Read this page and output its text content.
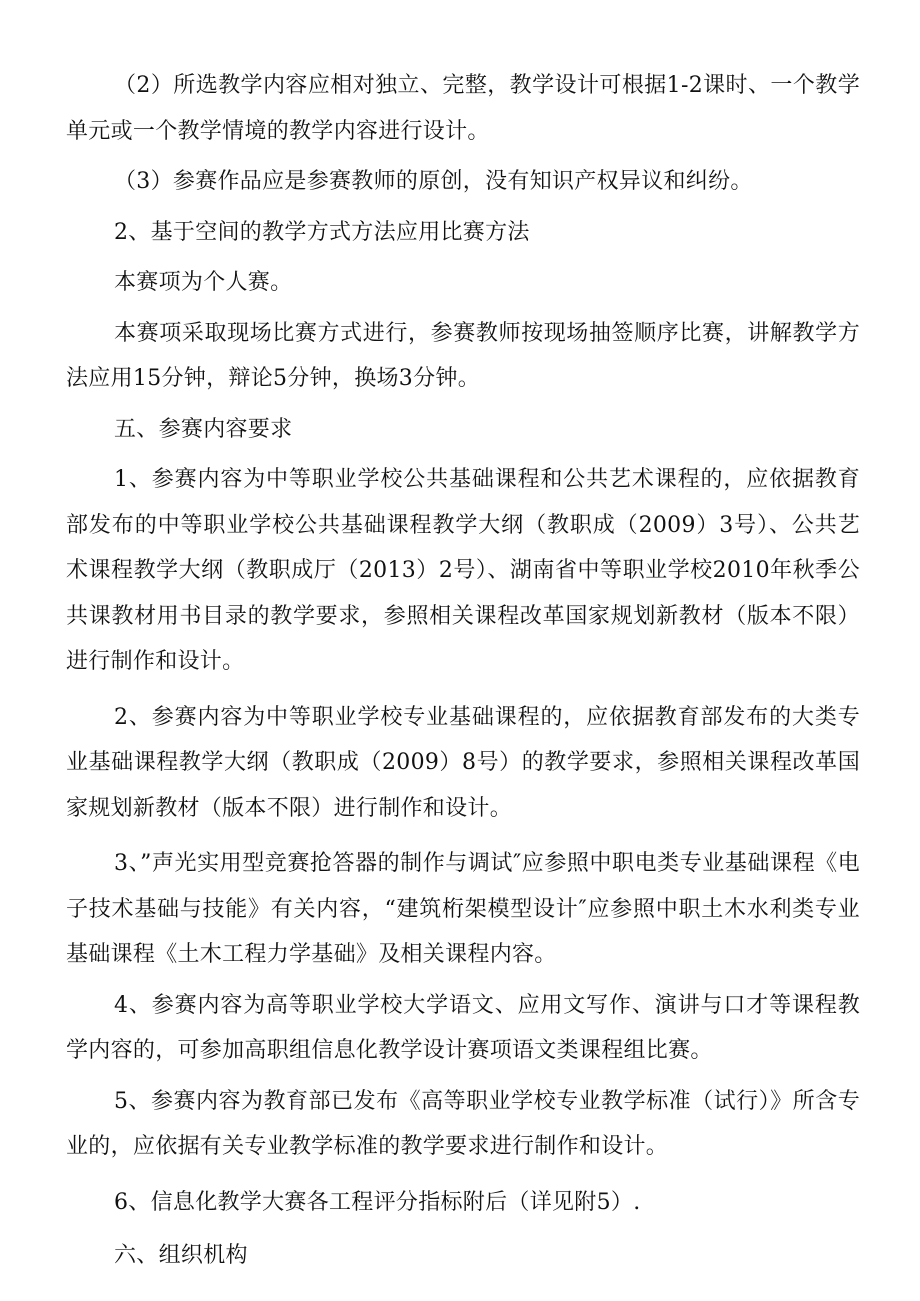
（2）所选教学内容应相对独立、完整，教学设计可根据1-2课时、一个教学单元或一个教学情境的教学内容进行设计。

（3）参赛作品应是参赛教师的原创，没有知识产权异议和纠纷。

2、基于空间的教学方式方法应用比赛方法

本赛项为个人赛。

本赛项采取现场比赛方式进行，参赛教师按现场抽签顺序比赛，讲解教学方法应用15分钟，辩论5分钟，换场3分钟。

五、参赛内容要求

1、参赛内容为中等职业学校公共基础课程和公共艺术课程的，应依据教育部发布的中等职业学校公共基础课程教学大纲（教职成（2009）3号）、公共艺术课程教学大纲（教职成厅（2013）2号）、湖南省中等职业学校2010年秋季公共课教材用书目录的教学要求，参照相关课程改革国家规划新教材（版本不限）进行制作和设计。

2、参赛内容为中等职业学校专业基础课程的，应依据教育部发布的大类专业基础课程教学大纲（教职成（2009）8号）的教学要求，参照相关课程改革国家规划新教材（版本不限）进行制作和设计。

3、”声光实用型竞赛抢答器的制作与调试″应参照中职电类专业基础课程《电子技术基础与技能》有关内容，“建筑桁架模型设计″应参照中职土木水利类专业基础课程《土木工程力学基础》及相关课程内容。

4、参赛内容为高等职业学校大学语文、应用文写作、演讲与口才等课程教学内容的，可参加高职组信息化教学设计赛项语文类课程组比赛。

5、参赛内容为教育部已发布《高等职业学校专业教学标准（试行）》所含专业的，应依据有关专业教学标准的教学要求进行制作和设计。

6、信息化教学大赛各工程评分指标附后（详见附5）.

六、组织机构
